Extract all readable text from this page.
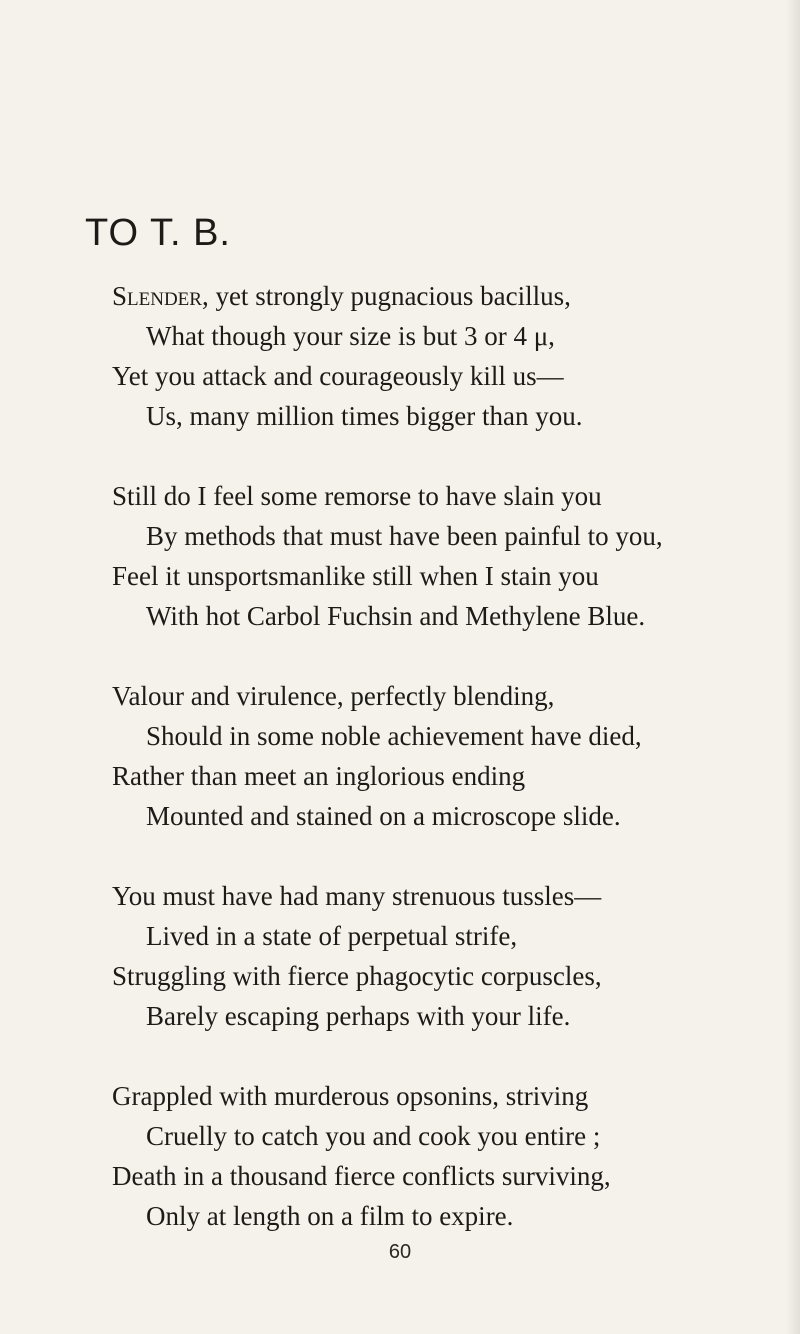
TO T. B.
Slender, yet strongly pugnacious bacillus,
What though your size is but 3 or 4 μ,
Yet you attack and courageously kill us—
Us, many million times bigger than you.
Still do I feel some remorse to have slain you
By methods that must have been painful to you,
Feel it unsportsmanlike still when I stain you
With hot Carbol Fuchsin and Methylene Blue.
Valour and virulence, perfectly blending,
Should in some noble achievement have died,
Rather than meet an inglorious ending
Mounted and stained on a microscope slide.
You must have had many strenuous tussles—
Lived in a state of perpetual strife,
Struggling with fierce phagocytic corpuscles,
Barely escaping perhaps with your life.
Grappled with murderous opsonins, striving
Cruelly to catch you and cook you entire ;
Death in a thousand fierce conflicts surviving,
Only at length on a film to expire.
60
